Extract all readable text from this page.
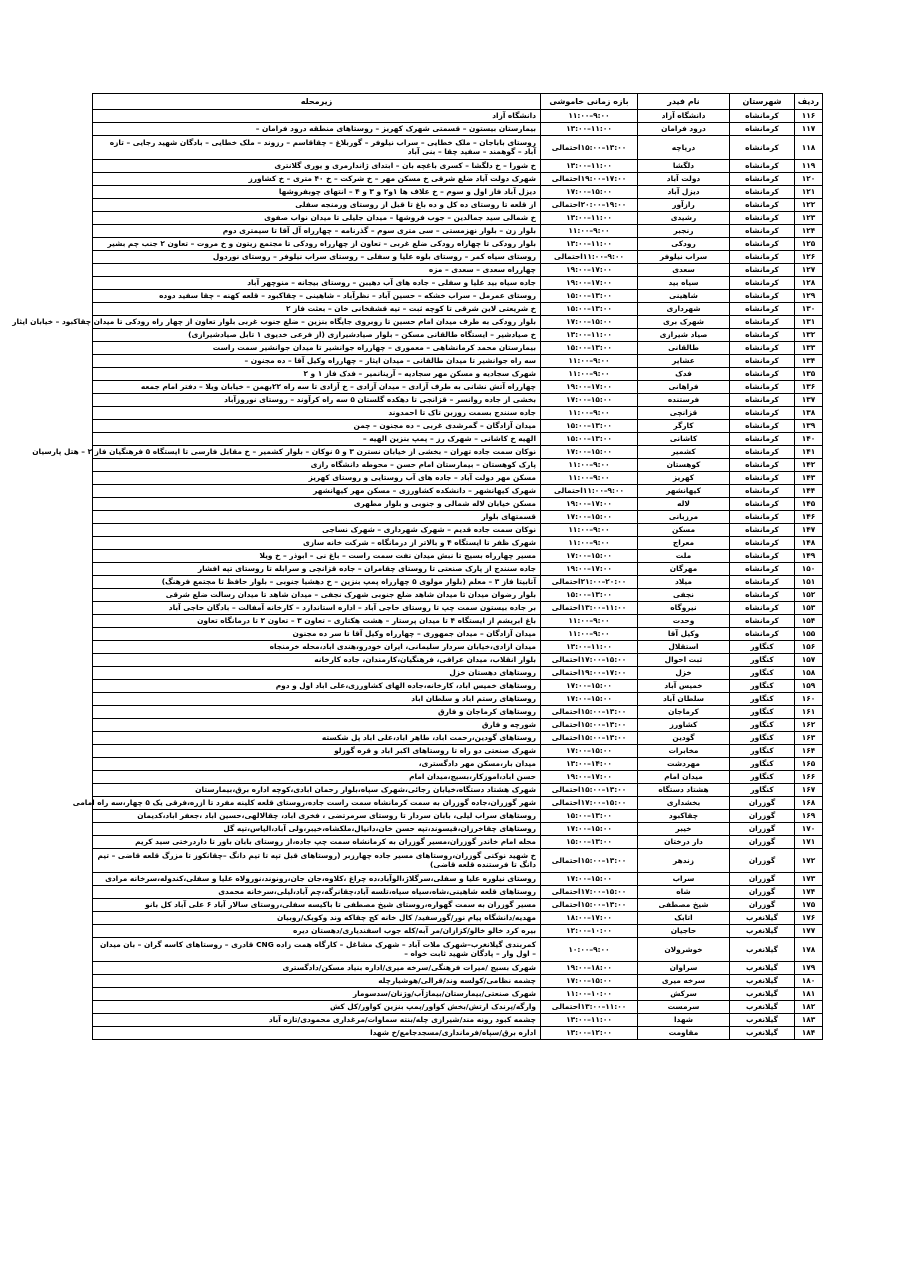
ردیف	شهرستان	نام فیدر	بازه زمانی خاموشی	زیرمحله
۱۱۶	کرمانشاه	دانشگاه آزاد	۹:۰۰–۱۱:۰۰	دانشگاه آزاد
۱۱۷	کرمانشاه	درود فرامان	۱۱:۰۰–۱۳:۰۰	بیمارستان بیستون – قسمتی شهرک کهریز – روستاهای منطقه درود فرامان –
۱۱۸	کرمانشاه	دریاچه	۱۳:۰۰–۱۵:۰۰احتمالی	روستای باباجان – ملک خطایی – سراب نیلوفر – گوربلاغ – چقاقاسم – رزوند – ملک خطایی – بادگان شهید رجایی – تازه آباد – گوهمند – سفید چقا – بنی آباد
۱۱۹	کرمانشاه	دلگشا	۱۱:۰۰–۱۳:۰۰	خ شورا – خ دلگشا – کسری باغچه بان – ابتدای ژاندارمری و یوری گلانتری
۱۲۰	کرمانشاه	دولت آباد	۱۷:۰۰–۱۹:۰۰احتمالی	شهرک دولت آباد ضلع شرقی خ مسکن مهر – خ شرکت – خ ۴۰ متری – خ کشاورز
۱۲۱	کرمانشاه	دیزل آباد	۱۵:۰۰–۱۷:۰۰	دیزل آباد فاز اول و سوم – خ علاف ها ۱و۲ و ۳ و ۴ – انتهای چوبفروشها
۱۲۲	کرمانشاه	رازآور	۱۹:۰۰–۲۰:۰۰احتمالی	از قلعه تا روستای ده کل و ده باغ تا قبل از روستای ورمنجه سفلی
۱۲۳	کرمانشاه	رشیدی	۱۱:۰۰–۱۳:۰۰	خ شمالی سید جمالدین – جوب فروشها – میدان جلیلی تا میدان نواب صفوی
۱۲۴	کرمانشاه	رنجبر	۹:۰۰–۱۱:۰۰	بلوار زن – بلوار نهزمستی – سی متری سوم – گذرنامه – چهارراه آل آقا تا سیمتری دوم
۱۲۵	کرمانشاه	رودکی	۱۱:۰۰–۱۳:۰۰	بلوار رودکی تا چهاراه رودکی ضلع غربی – تعاون از چهارراه رودکی تا مجتمع زیتون و خ مروت – تعاون ۲ جنب چم بشیر
۱۲۶	کرمانشاه	سراب نیلوفر	۹:۰۰–۱۱:۰۰احتمالی	روستای سیاه کمر – روستای بلوه علیا و سفلی – روستای سراب نیلوفر – روستای نوردول
۱۲۷	کرمانشاه	سعدی	۱۷:۰۰–۱۹:۰۰	چهارراه سعدی – سعدی – مزه
۱۲۸	کرمانشاه	سیاه بید	۱۷:۰۰–۱۹:۰۰	جاده سیاه بید علیا و سفلی – جاده های آب دهیبن – روستای بیجانه – منوچهر آباد
۱۲۹	کرمانشاه	شاهینی	۱۳:۰۰–۱۵:۰۰	روستای عمرمل – سراب خشکه – حسین آباد – نظرآباد – شاهینی – چقاکبود – قلعه کهنه – چقا سفید دوده
۱۳۰	کرمانشاه	شهرداری	۱۳:۰۰–۱۵:۰۰	خ شریعتی لاین شرقی تا کوچه ثبت – تیه قشقخانی خان – بعثت فاز ۲
۱۳۱	کرمانشاه	شهرک بری	۱۵:۰۰–۱۷:۰۰	بلوار رودکی به طرف میدان امام حسین تا روبروی جایگاه بنزین – ضلع جنوب غربی بلوار تعاون از چهار راه رودکی تا میدان چقاکبود – خیابان ایثار
۱۳۲	کرمانشاه	صیاد شیرازی	۱۱:۰۰–۱۳:۰۰	خ صیادشیر – ایستگاه طالقانی مسکن – بلوار صیادشیرازی (از فرعی خدیوی ۱ تابل صیادشیرازی)
۱۳۳	کرمانشاه	طالقانی	۱۳:۰۰–۱۵:۰۰	بیمارستان محمد کرمانشاهی – معموری – چهارراه جوانشیر تا میدان جوانشیر سمت راست
۱۳۴	کرمانشاه	عشایر	۹:۰۰–۱۱:۰۰	سه راه جوانشیر تا میدان طالقانی – میدان ایثار – چهارراه وکیل آقا – ده مجنون –
۱۳۵	کرمانشاه	فدک	۹:۰۰–۱۱:۰۰	شهرک سجادیه و مسکن مهر سجادیه – آرینانمیر – فدک فاز ۱ و ۲
۱۳۶	کرمانشاه	فراهانی	۱۷:۰۰–۱۹:۰۰	چهارراه آتش نشانی به طرف آزادی – میدان آزادی – خ آزادی تا سه راه ۲۲بهمن – خیابان ویلا – دفتر امام جمعه
۱۳۷	کرمانشاه	فرستنده	۱۵:۰۰–۱۷:۰۰	بخشی از جاده روانسر – قزانجی تا دهکده گلستان ۵ سه راه کرآوند – روستای نوروزآباد
۱۳۸	کرمانشاه	قزانچی	۹:۰۰–۱۱:۰۰	جاده سنندج بسمت روزبن تاک تا احمدوند
۱۳۹	کرمانشاه	کارگر	۱۳:۰۰–۱۵:۰۰	میدان آزادگان – گمرشدی غربی – ده مجنون – چمن
۱۴۰	کرمانشاه	کاشانی	۱۳:۰۰–۱۵:۰۰	الهیه خ کاشانی – شهرک رز – پمپ بنزین الهیه –
۱۴۱	کرمانشاه	کشمیر	۱۵:۰۰–۱۷:۰۰	نوکان سمت جاده تهران – بخشی از خیابان نسترن ۳ و ۵ نوکان – بلوار کشمیر – خ مقابل فارسی تا ایستگاه ۵ فرهنگیان فاز ۲ – هتل پارسیان
۱۴۲	کرمانشاه	کوهستان	۹:۰۰–۱۱:۰۰	پارک کوهستان – بیمارستان امام حسن – محوطه دانشگاه رازی
۱۴۳	کرمانشاه	کهریز	۹:۰۰–۱۱:۰۰	مسکن مهر دولت آباد – جاده های آب روستایی و روستای کهریز
۱۴۴	کرمانشاه	کیهانشهر	۹:۰۰–۱۱:۰۰احتمالی	شهرک کیهانشهر – دانشکده کشاورزی – مسکن مهر کیهانشهر
۱۴۵	کرمانشاه	لاله	۱۷:۰۰–۱۹:۰۰	مسکن خیابان لاله شمالی و جنوبی و بلوار مطهری
۱۴۶	کرمانشاه	مرزبانی	۱۵:۰۰–۱۷:۰۰	قسمتهای بلوار
۱۴۷	کرمانشاه	مسکن	۹:۰۰–۱۱:۰۰	نوکان سمت جاده قدیم – شهرک شهرداری – شهرک نساجی
۱۴۸	کرمانشاه	معراج	۹:۰۰–۱۱:۰۰	شهرک ظفر تا ایستگاه ۴ و بالاتر از درمانگاه – شرکت خانه سازی
۱۴۹	کرمانشاه	ملت	۱۵:۰۰–۱۷:۰۰	مسیر چهارراه بسیج تا نبش میدان نفت سمت راست – باغ نی – ابوذر – خ ویلا
۱۵۰	کرمانشاه	مهرگان	۱۷:۰۰–۱۹:۰۰	جاده سنندج از پارک صنعتی تا روستای چقامران – جاده قزانچی و سرابله تا روستای تپه افشار
۱۵۱	کرمانشاه	میلاد	۲۰:۰۰–۲۱:۰۰احتمالی	آتابیتا فاز ۳ – معلم (بلوار مولوی ۵ چهارراه پمپ بنزین – خ دهشیا جنوبی – بلوار حافظ تا مجتمع فرهنگ)
۱۵۲	کرمانشاه	نجفی	۱۳:۰۰–۱۵:۰۰	بلوار رضوان میدان تا میدان شاهد ضلع جنوبی شهرک نجفی – میدان شاهد تا میدان رسالت ضلع شرقی
۱۵۳	کرمانشاه	نیروگاه	۱۱:۰۰–۱۳:۰۰احتمالی	بر جاده بیستون سمت چپ تا روستای حاجی آباد – اداره استاندارد – کارخانه آمفالت – بادگان حاجی آباد
۱۵۴	کرمانشاه	وحدت	۹:۰۰–۱۱:۰۰	باغ ابریشم از ایستگاه ۴ تا میدان پرستار – هشت هکتاری – تعاون ۳ – تعاون ۲ تا درمانگاه تعاون
۱۵۵	کرمانشاه	وکیل آقا	۹:۰۰–۱۱:۰۰	میدان آزادگان – میدان جمهوری – چهارراه وکیل آقا تا سر ده مجنون
۱۵۶	کنگاور	استقلال	۱۱:۰۰–۱۳:۰۰	میدان ازادی،خیابان سردار سلیمانی، ایران خودرو،هندی اباد،محله خرمنجاه
۱۵۷	کنگاور	ثبت احوال	۱۵:۰۰–۱۷:۰۰احتمالی	بلوار انقلاب، میدان عراقی، فرهنگیان،کارمندان، جاده کارخانه
۱۵۸	کنگاور	خزل	۱۷:۰۰–۱۹:۰۰احتمالی	روستاهای دهستان خزل
۱۵۹	کنگاور	خمیس آباد	۱۵:۰۰–۱۷:۰۰	روستاهای خمیس اباد، کارخانه،جاده الهای کشاورزی،علی اباد اول و دوم
۱۶۰	کنگاور	سلطان آباد	۱۵:۰۰–۱۷:۰۰	روستاهای رستم اباد و سلطان اباد
۱۶۱	کنگاور	کرماجان	۱۳:۰۰–۱۵:۰۰احتمالی	روستاهای کرماجان و فارق
۱۶۲	کنگاور	کشاورز	۱۳:۰۰–۱۵:۰۰احتمالی	شورچه و فارق
۱۶۳	کنگاور	گودین	۱۳:۰۰–۱۵:۰۰احتمالی	روستاهای گودین،رحمت اباد، طاهر اباد،علی اباد پل شکسته
۱۶۴	کنگاور	مخابرات	۱۵:۰۰–۱۷:۰۰	شهرک صنعتی دو راه تا روستاهای اکبر اباد و قره گوزلو
۱۶۵	کنگاور	مهردشت	۱۴:۰۰–۱۳:۰۰	میدان بار،مسکن مهر دادگستری،
۱۶۶	کنگاور	میدان امام	۱۷:۰۰–۱۹:۰۰	حسن اباد،اموزکار،بسیج،میدان امام
۱۶۷	کنگاور	هشتاد دستگاه	۱۳:۰۰–۱۵:۰۰احتمالی	شهرک هشتاد دستگاه،خیابان رجائی،شهرک سپاه،بلوار رحمان ابادی،کوچه اداره برق،بیمارستان
۱۶۸	گوزران	بخشداری	۱۵:۰۰–۱۷:۰۰احتمالی	شهر گوزران،جاده گوزران به سمت کرمانشاه سمت راست جاده،روستای قلعه کلینه مفرد تا ازره،فرقی یک ۵ چهار،سه راه امامی
۱۶۹	گوزران	چقاکبود	۱۳:۰۰–۱۵:۰۰	روستاهای سراب لیلی، بابان سردار تا روستای سرمرتضی ، فخری اباد، چقالالهی،حسین اباد ،جعفر اباد،کدیمان
۱۷۰	گوزران	خیبر	۱۵:۰۰–۱۷:۰۰	روستاهای چقاخرزان،قیسوند،تپه حسن خان،دانیال،ملکشاه،خیبر،ولی آباد،الیاس،تپه گل
۱۷۱	گوزران	دار درختان	۱۳:۰۰–۱۵:۰۰	محله امام خاندر گوزران،مسیر گوزران به کرمانشاه سمت چپ جاده،از روستای بابان باور تا داردرختی سید کریم
۱۷۲	گوزران	زندهر	۱۳:۰۰–۱۵:۰۰احتمالی	خ شهید نوکنی گوزران،روستاهای مسیر جاده چهارزبر (روستاهای قبل تپه تا تیم دانگ –چقانکوز تا مزرگ قلعه قاضی – تیم دانگ تا فرستنده قلعه قاضی)
۱۷۳	گوزران	سراب	۱۵:۰۰–۱۷:۰۰	روستای نیلوره علیا و سفلی،سرگلاژ،الوآباد،ده چراغ ،کلاوه،جان جان،رونوند،نورولاه علیا و سفلی،کندوله،سرخانه مرادی
۱۷۴	گوزران	شاه	۱۵:۰۰–۱۷:۰۰احتمالی	روستاهای قلعه شاهینی،شاه،سیاه سیاه،تلسه آباد،چقانرگه،چم آباد،لیلی،سرخانه محمدی
۱۷۵	گوزران	شیخ مصطفی	۱۳:۰۰–۱۵:۰۰احتمالی	مسیر گوزران به سمت گهواره،روستای شیخ مصطفی تا باکیسه سفلی،روستای سالار آباد ۶ علی آباد کل بانو
۱۷۶	گیلانغرب	اتابک	۱۷:۰۰–۱۸:۰۰	مهدیه/دانشگاه پیام نور/گورسفید/ کال خانه کج چقاکه وند وکوپک/روبیان
۱۷۷	گیلانغرب	حاجیان	۱۰:۰۰–۱۲:۰۰	بیره کرد خالو خالو/کزازان/مر آبه/کله جوب اسفندیاری/دهستان دیره
۱۷۸	گیلانغرب	خوشرولان	۹:۰۰–۱۰:۰۰	کمربندی گیلانغرب–شهرک ملات آباد – شهرک مشاغل – کارگاه همت زاده CNG قادری – روستاهای کاسه گران – بان میدان – اول وار – پادگان شهید ثابت خواه –
۱۷۹	گیلانغرب	سراوان	۱۸:۰۰–۱۹:۰۰	شهرک بسیج /میرات فرهنگی/سرخه میری/اداره بنیاد مسکن/دادگستری
۱۸۰	گیلانغرب	سرخه میری	۱۵:۰۰–۱۷:۰۰	چشمه نظامی/کولسه وند/قرالی/هوشیارچله
۱۸۱	گیلانغرب	سرکش	۱۰:۰۰–۱۱:۰۰	شهرک صنعتی/بیمارستان/بیماژآب/وژنان/سدسومار
۱۸۲	گیلانغرب	سرمست	۱۱:۰۰–۱۳:۰۰احتمالی	وارگه/پرندک ارتش/بخش کواور/پمپ بنزین کواور/کل کش
۱۸۳	گیلانغرب	شهدا	۱۱:۰۰–۱۳:۰۰	چشمه کبود رونه مند/شیرازی چله/بنته سماوات/مرغداری محمودی/تازه آباد
۱۸۴	گیلانغرب	مقاومت	۱۲:۰۰–۱۳:۰۰	اداره برق/سپاه/فرمانداری/مسجدجامع/خ شهدا
